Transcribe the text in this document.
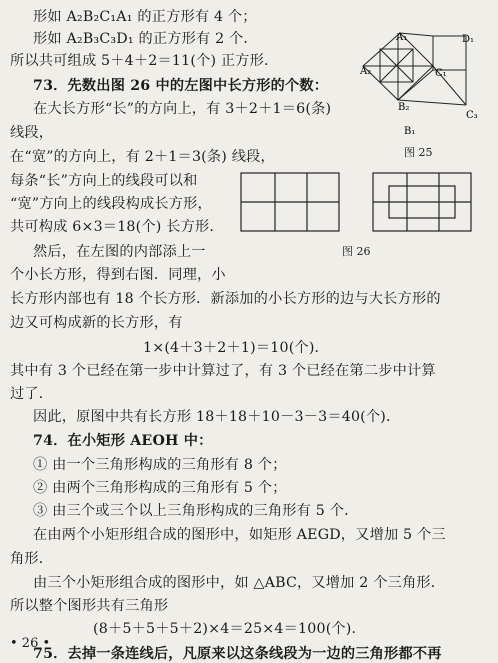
形如 A₂B₂C₁A₁ 的正方形有 4 个；
形如 A₂B₃C₃D₁ 的正方形有 2 个．
所以共可组成 5＋4＋2＝11(个) 正方形．
73．先数出图 26 中的左图中长方形的个数：
在大长方形“长”的方向上，有 3＋2＋1＝6(条)
线段，
在“宽”的方向上，有 2＋1＝3(条) 线段，
每条“长”方向上的线段可以和
“宽”方向上的线段构成长方形，
共可构成 6×3＝18(个) 长方形．
然后，在左图的内部添上一
个小长方形，得到右图．同理，小
长方形内部也有 18 个长方形．新添加的小长方形的边与大长方形的
边又可构成新的长方形，有
1×(4＋3＋2＋1)＝10(个)．
其中有 3 个已经在第一步中计算过了，有 3 个已经在第二步中计算
过了．
因此，原图中共有长方形 18＋18＋10－3－3＝40(个)．
74．在小矩形 AEOH 中：
① 由一个三角形构成的三角形有 8 个；
② 由两个三角形构成的三角形有 5 个；
③ 由三个或三个以上三角形构成的三角形有 5 个．
在由两个小矩形组合成的图形中，如矩形 AEGD，又增加 5 个三
角形．
由三个小矩形组合成的图形中，如 △ABC，又增加 2 个三角形．
所以整个图形共有三角形
(8＋5＋5＋5＋2)×4＝25×4＝100(个)．
75．去掉一条连线后，凡原来以这条线段为一边的三角形都不再
A₁	D₁
A₂	C₁
B₂
C₃
B₁
图 25
图 26
• 26 •
